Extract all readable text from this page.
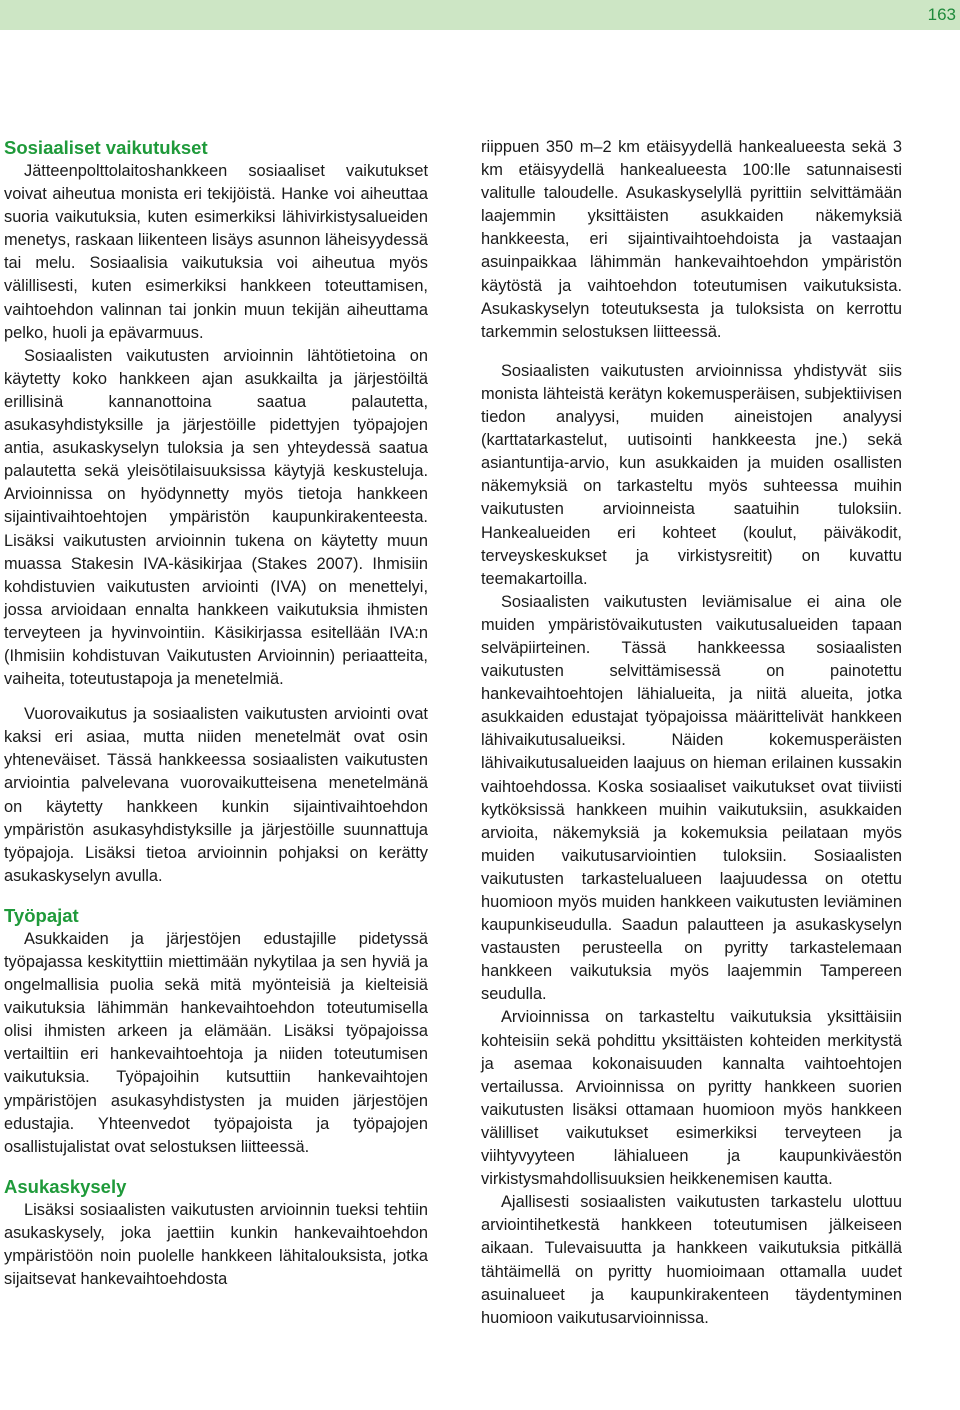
163
Sosiaaliset vaikutukset

Jätteenpolttolaitoshankkeen sosiaaliset vaikutukset voivat aiheutua monista eri tekijöistä. Hanke voi aiheuttaa suoria vaikutuksia, kuten esimerkiksi lähivirkistysalueiden menetys, raskaan liikenteen lisäys asunnon läheisyydessä tai melu. Sosiaalisia vaikutuksia voi aiheutua myös välillisesti, kuten esimerkiksi hankkeen toteuttamisen, vaihtoehdon valinnan tai jonkin muun tekijän aiheuttama pelko, huoli ja epävarmuus.

Sosiaalisten vaikutusten arvioinnin lähtötietoina on käytetty koko hankkeen ajan asukkailta ja järjestöiltä erillisinä kannanottoina saatua palautetta, asukasyhdistyksille ja järjestöille pidettyjen työpajojen antia, asukaskyselyn tuloksia ja sen yhteydessä saatua palautetta sekä yleisötilaisuuksissa käytyjä keskusteluja. Arvioinnissa on hyödynnetty myös tietoja hankkeen sijaintivaihtoehtojen ympäristön kaupunkirakenteesta. Lisäksi vaikutusten arvioinnin tukena on käytetty muun muassa Stakesin IVA-käsikirjaa (Stakes 2007). Ihmisiin kohdistuvien vaikutusten arviointi (IVA) on menettelyi, jossa arvioidaan ennalta hankkeen vaikutuksia ihmisten terveyteen ja hyvinvointiin. Käsikirjassa esitellään IVA:n (Ihmisiin kohdistuvan Vaikutusten Arvioinnin) periaatteita, vaiheita, toteutustapoja ja menetelmiä.

Vuorovaikutus ja sosiaalisten vaikutusten arviointi ovat kaksi eri asiaa, mutta niiden menetelmät ovat osin yhteneväiset. Tässä hankkeessa sosiaalisten vaikutusten arviointia palvelevana vuorovaikutteisena menetelmänä on käytetty hankkeen kunkin sijaintivaihtoehdon ympäristön asukasyhdistyksille ja järjestöille suunnattuja työpajoja. Lisäksi tietoa arvioinnin pohjaksi on kerätty asukaskyselyn avulla.

Työpajat

Asukkaiden ja järjestöjen edustajille pidetyssä työpajassa keskityttiin miettimään nykytilaa ja sen hyviä ja ongelmallisia puolia sekä mitä myönteisiä ja kielteisiä vaikutuksia lähimmän hankevaihtoehdon toteutumisella olisi ihmisten arkeen ja elämään. Lisäksi työpajoissa vertailtiin eri hankevaihtoehtoja ja niiden toteutumisen vaikutuksia. Työpajoihin kutsuttiin hankevaihtojen ympäristöjen asukasyhdistysten ja muiden järjestöjen edustajia. Yhteenvedot työpajoista ja työpajojen osallistujalistat ovat selostuksen liitteessä.

Asukaskysely

Lisäksi sosiaalisten vaikutusten arvioinnin tueksi tehtiin asukaskysely, joka jaettiin kunkin hankevaihtoehdon ympäristöön noin puolelle hankkeen lähitalouksista, jotka sijaitsevat hankevaihtoehdosta

riippuen 350 m–2 km etäisyydellä hankealueesta sekä 3 km etäisyydellä hankealueesta 100:lle satunnaisesti valitulle taloudelle. Asukaskyselyllä pyrittiin selvittämään laajemmin yksittäisten asukkaiden näkemyksiä hankkeesta, eri sijaintivaihtoehdoista ja vastaajan asuinpaikkaa lähimmän hankevaihtoehdon ympäristön käytöstä ja vaihtoehdon toteutumisen vaikutuksista. Asukaskyselyn toteutuksesta ja tuloksista on kerrottu tarkemmin selostuksen liitteessä.

Sosiaalisten vaikutusten arvioinnissa yhdistyvät siis monista lähteistä kerätyn kokemusperäisen, subjektiivisen tiedon analyysi, muiden aineistojen analyysi (karttatarkastelut, uutisointi hankkeesta jne.) sekä asiantuntija-arvio, kun asukkaiden ja muiden osallisten näkemyksiä on tarkasteltu myös suhteessa muihin vaikutusten arvioinneista saatuihin tuloksiin. Hankealueiden eri kohteet (koulut, päiväkodit, terveyskeskukset ja virkistysreitit) on kuvattu teemakartoilla.

Sosiaalisten vaikutusten leviämisalue ei aina ole muiden ympäristövaikutusten vaikutusalueiden tapaan selväpiirteinen. Tässä hankkeessa sosiaalisten vaikutusten selvittämisessä on painotettu hankevaihtoehtojen lähialueita, ja niitä alueita, jotka asukkaiden edustajat työpajoissa määrittelivät hankkeen lähivaikutusalueiksi. Näiden kokemusperäisten lähivaikutusalueiden laajuus on hieman erilainen kussakin vaihtoehdossa. Koska sosiaaliset vaikutukset ovat tiiviisti kytköksissä hankkeen muihin vaikutuksiin, asukkaiden arvioita, näkemyksiä ja kokemuksia peilataan myös muiden vaikutusarviointien tuloksiin. Sosiaalisten vaikutusten tarkastelualueen laajuudessa on otettu huomioon myös muiden hankkeen vaikutusten leviäminen kaupunkiseudulla. Saadun palautteen ja asukaskyselyn vastausten perusteella on pyritty tarkastelemaan hankkeen vaikutuksia myös laajemmin Tampereen seudulla.

Arvioinnissa on tarkasteltu vaikutuksia yksittäisiin kohteisiin sekä pohdittu yksittäisten kohteiden merkitystä ja asemaa kokonaisuuden kannalta vaihtoehtojen vertailussa. Arvioinnissa on pyritty hankkeen suorien vaikutusten lisäksi ottamaan huomioon myös hankkeen välilliset vaikutukset esimerkiksi terveyteen ja viihtyvyyteen lähialueen ja kaupunkiväestön virkistysmahdollisuuksien heikkenemisen kautta.

Ajallisesti sosiaalisten vaikutusten tarkastelu ulottuu arviointihetkestä hankkeen toteutumisen jälkeiseen aikaan. Tulevaisuutta ja hankkeen vaikutuksia pitkällä tähtäimellä on pyritty huomioimaan ottamalla uudet asuinalueet ja kaupunkirakenteen täydentyminen huomioon vaikutusarvioinnissa.
